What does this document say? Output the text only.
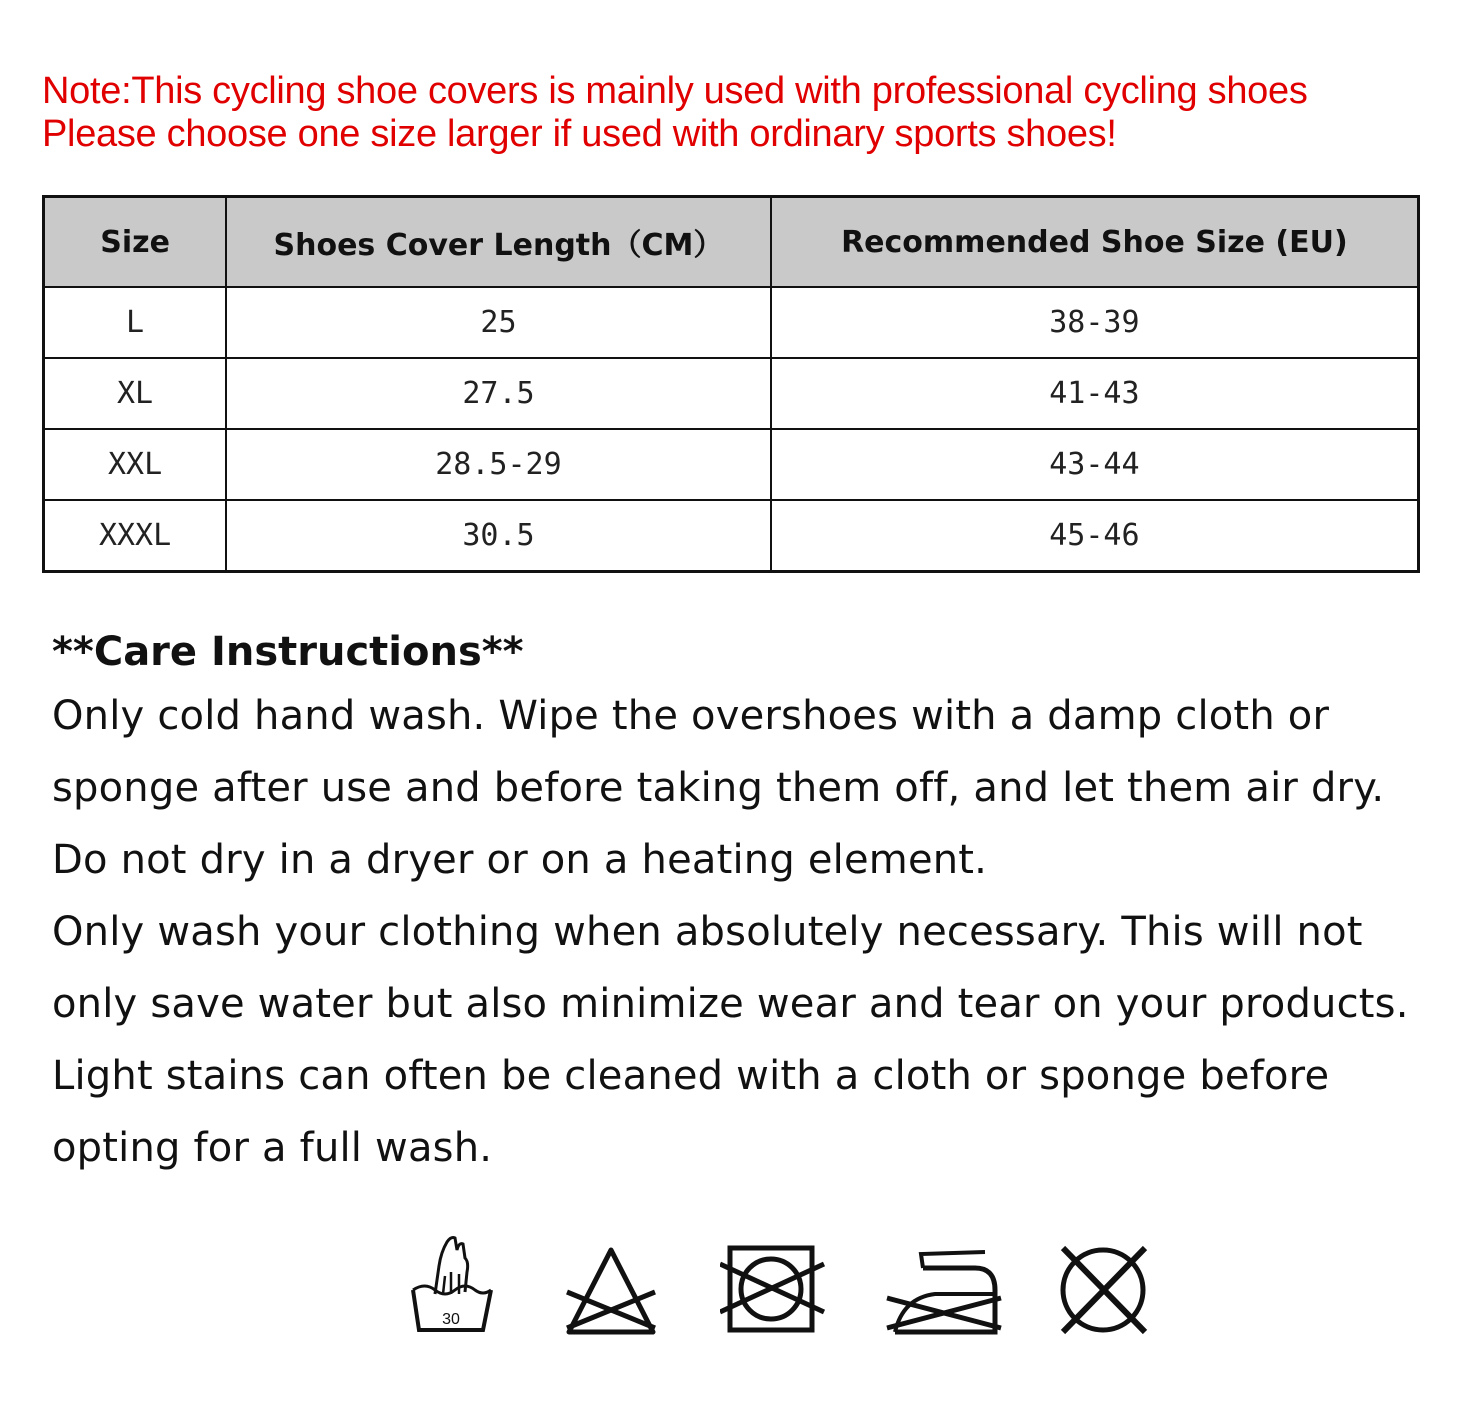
Note:This cycling shoe covers is mainly used with professional cycling shoes
Please choose one size larger if used with ordinary sports shoes!
Size	Shoes Cover Length（CM）	Recommended Shoe Size (EU)
L	25	38-39
XL	27.5	41-43
XXL	28.5-29	43-44
XXXL	30.5	45-46

**Care Instructions**

Only cold hand wash. Wipe the overshoes with a damp cloth or sponge after use and before taking them off, and let them air dry. Do not dry in a dryer or on a heating element.

Only wash your clothing when absolutely necessary. This will not only save water but also minimize wear and tear on your products. Light stains can often be cleaned with a cloth or sponge before opting for a full wash.

30
